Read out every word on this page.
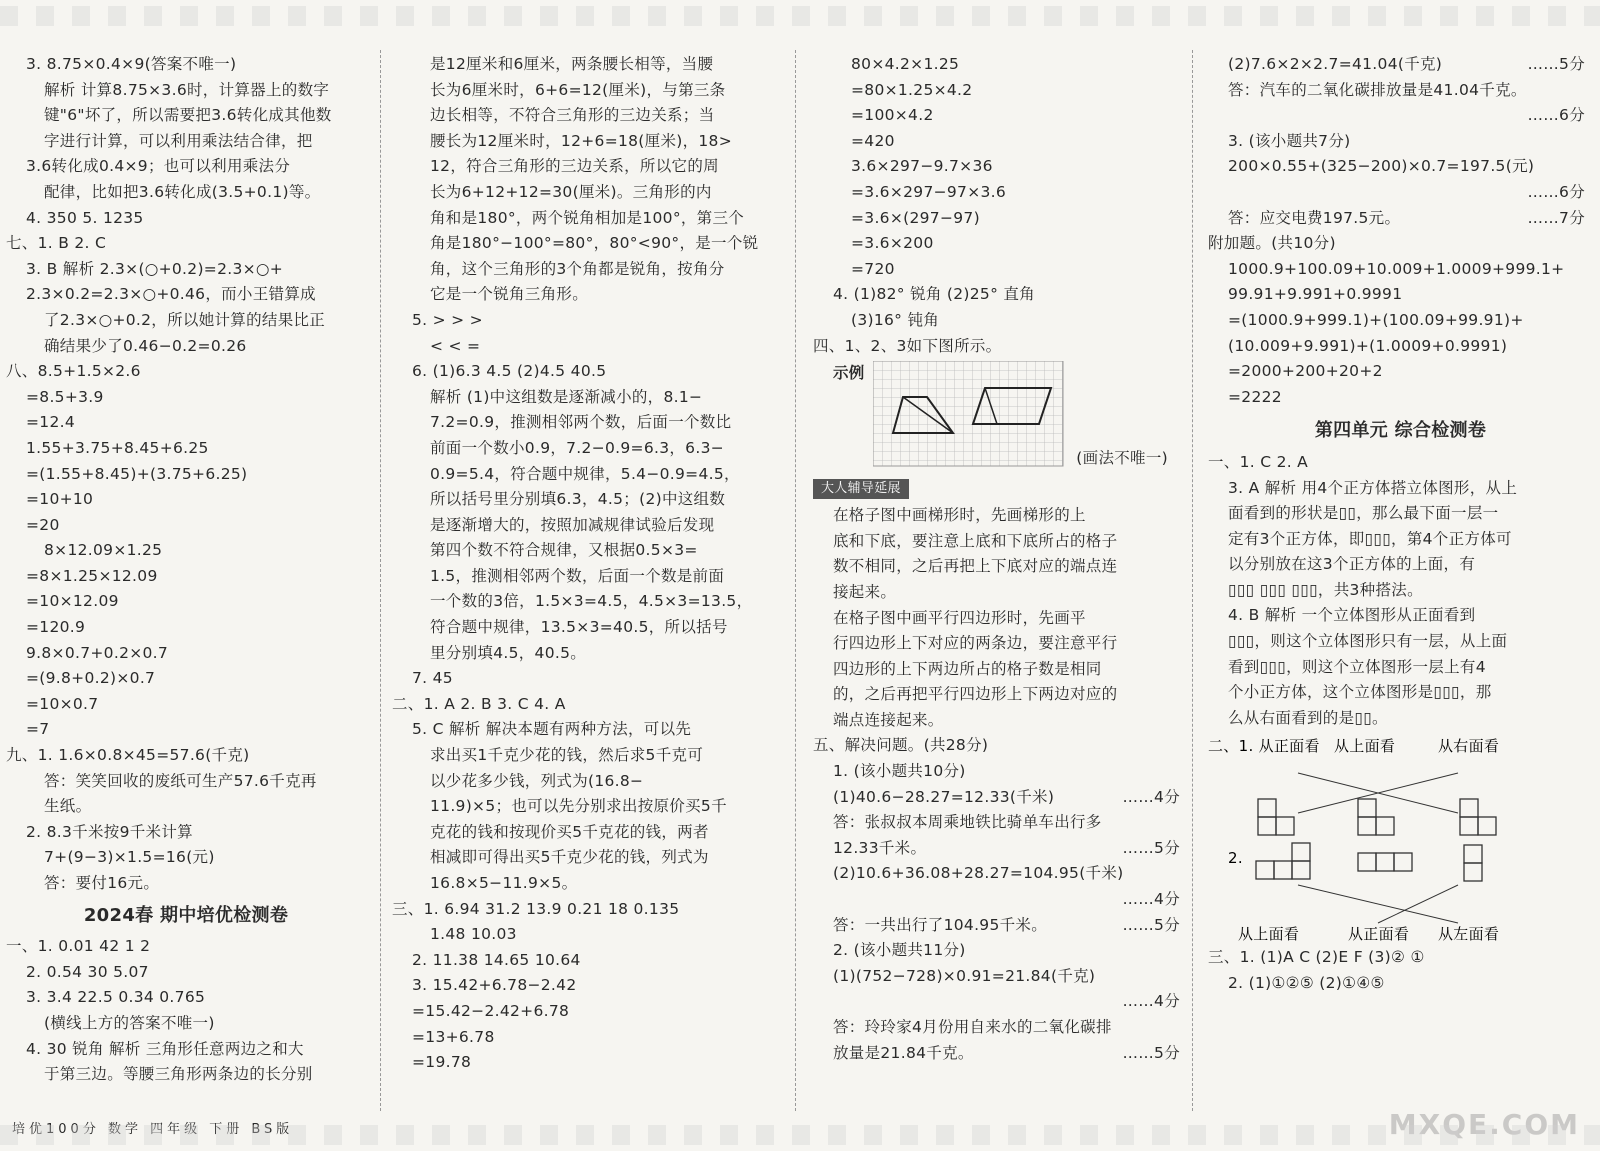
3. 8.75×0.4×9(答案不唯一)
解析 计算8.75×3.6时，计算器上的数字
键"6"坏了，所以需要把3.6转化成其他数
字进行计算，可以利用乘法结合律，把
3.6转化成0.4×9；也可以利用乘法分
配律，比如把3.6转化成(3.5+0.1)等。
4. 350 5. 1235
七、1. B 2. C
3. B 解析 2.3×(○+0.2)=2.3×○+
2.3×0.2=2.3×○+0.46，而小王错算成
了2.3×○+0.2，所以她计算的结果比正
确结果少了0.46−0.2=0.26
八、8.5+1.5×2.6
=8.5+3.9
=12.4
1.55+3.75+8.45+6.25
=(1.55+8.45)+(3.75+6.25)
=10+10
=20
8×12.09×1.25
=8×1.25×12.09
=10×12.09
=120.9
9.8×0.7+0.2×0.7
=(9.8+0.2)×0.7
=10×0.7
=7
九、1. 1.6×0.8×45=57.6(千克)
答：笑笑回收的废纸可生产57.6千克再
生纸。
2. 8.3千米按9千米计算
7+(9−3)×1.5=16(元)
答：要付16元。
2024春 期中培优检测卷
一、1. 0.01 42 1 2
2. 0.54 30 5.07
3. 3.4 22.5 0.34 0.765
(横线上方的答案不唯一)
4. 30 锐角 解析 三角形任意两边之和大
于第三边。等腰三角形两条边的长分别
是12厘米和6厘米，两条腰长相等，当腰
长为6厘米时，6+6=12(厘米)，与第三条
边长相等，不符合三角形的三边关系；当
腰长为12厘米时，12+6=18(厘米)，18>
12，符合三角形的三边关系，所以它的周
长为6+12+12=30(厘米)。三角形的内
角和是180°，两个锐角相加是100°，第三个
角是180°−100°=80°，80°<90°，是一个锐
角，这个三角形的3个角都是锐角，按角分
它是一个锐角三角形。
5. > > >
< < =
6. (1)6.3 4.5 (2)4.5 40.5
解析 (1)中这组数是逐渐减小的，8.1−
7.2=0.9，推测相邻两个数，后面一个数比
前面一个数小0.9，7.2−0.9=6.3，6.3−
0.9=5.4，符合题中规律，5.4−0.9=4.5，
所以括号里分别填6.3，4.5；(2)中这组数
是逐渐增大的，按照加减规律试验后发现
第四个数不符合规律，又根据0.5×3=
1.5，推测相邻两个数，后面一个数是前面
一个数的3倍，1.5×3=4.5，4.5×3=13.5，
符合题中规律，13.5×3=40.5，所以括号
里分别填4.5，40.5。
7. 45
二、1. A 2. B 3. C 4. A
5. C 解析 解决本题有两种方法，可以先
求出买1千克少花的钱，然后求5千克可
以少花多少钱，列式为(16.8−
11.9)×5；也可以先分别求出按原价买5千
克花的钱和按现价买5千克花的钱，两者
相减即可得出买5千克少花的钱，列式为
16.8×5−11.9×5。
三、1. 6.94 31.2 13.9 0.21 18 0.135
1.48 10.03
2. 11.38 14.65 10.64
3. 15.42+6.78−2.42
=15.42−2.42+6.78
=13+6.78
=19.78
80×4.2×1.25
=80×1.25×4.2
=100×4.2
=420
3.6×297−9.7×36
=3.6×297−97×3.6
=3.6×(297−97)
=3.6×200
=720
4. (1)82° 锐角 (2)25° 直角
(3)16° 钝角
四、1、2、3如下图所示。
示例
(画法不唯一)
大人辅导延展
在格子图中画梯形时，先画梯形的上
底和下底，要注意上底和下底所占的格子
数不相同，之后再把上下底对应的端点连
接起来。
在格子图中画平行四边形时，先画平
行四边形上下对应的两条边，要注意平行
四边形的上下两边所占的格子数是相同
的，之后再把平行四边形上下两边对应的
端点连接起来。
五、解决问题。(共28分)
1. (该小题共10分)
(1)40.6−28.27=12.33(千米)	……4分
答：张叔叔本周乘地铁比骑单车出行多
12.33千米。	……5分
(2)10.6+36.08+28.27=104.95(千米)
……4分
答：一共出行了104.95千米。	……5分
2. (该小题共11分)
(1)(752−728)×0.91=21.84(千克)
……4分
答：玲玲家4月份用自来水的二氧化碳排
放量是21.84千克。	……5分
(2)7.6×2×2.7=41.04(千克)	……5分
答：汽车的二氧化碳排放量是41.04千克。
……6分
3. (该小题共7分)
200×0.55+(325−200)×0.7=197.5(元)
……6分
答：应交电费197.5元。	……7分
附加题。(共10分)
1000.9+100.09+10.009+1.0009+999.1+
99.91+9.991+0.9991
=(1000.9+999.1)+(100.09+99.91)+
(10.009+9.991)+(1.0009+0.9991)
=2000+200+20+2
=2222
第四单元 综合检测卷
一、1. C 2. A
3. A 解析 用4个正方体搭立体图形，从上
面看到的形状是▯▯，那么最下面一层一
定有3个正方体，即▯▯▯，第4个正方体可
以分别放在这3个正方体的上面，有
▯▯▯ ▯▯▯ ▯▯▯，共3种搭法。
4. B 解析 一个立体图形从正面看到
▯▯▯，则这个立体图形只有一层，从上面
看到▯▯▯，则这个立体图形一层上有4
个小正方体，这个立体图形是▯▯▯，那
么从右面看到的是▯▯。
二、1. 从正面看 从上面看	从右面看
2.
从上面看	从正面看 从左面看
三、1. (1)A C (2)E F (3)② ①
2. (1)①②⑤ (2)①④⑤
培优100分 数学 四年级 下册 BS版	MXQE.COM
